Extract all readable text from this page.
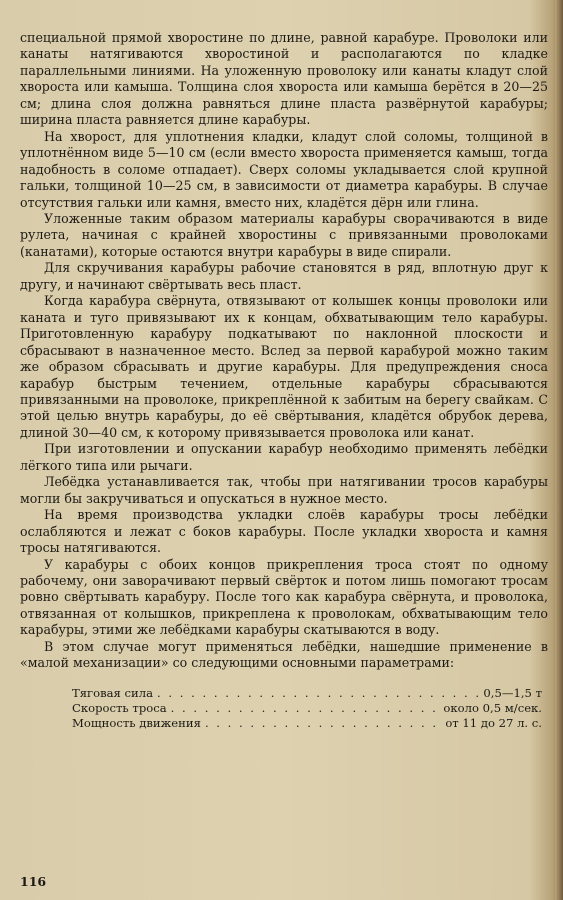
специальной прямой хворостине по длине, равной карабуре. Проволоки или канаты натягиваются хворостиной и располагаются по кладке параллельными линиями. На уложенную проволоку или канаты кладут слой хвороста или камыша. Толщина слоя хвороста или камыша берётся в 20—25 см; длина слоя должна равняться длине пласта развёрнутой карабуры; ширина пласта равняется длине карабуры.

На хворост, для уплотнения кладки, кладут слой соломы, толщиной в уплотнённом виде 5—10 см (если вместо хвороста применяется камыш, тогда надобность в соломе отпадает). Сверх соломы укладывается слой крупной гальки, толщиной 10—25 см, в зависимости от диаметра карабуры. В случае отсутствия гальки или камня, вместо них, кладётся дёрн или глина.

Уложенные таким образом материалы карабуры сворачиваются в виде рулета, начиная с крайней хворостины с привязанными проволоками (канатами), которые остаются внутри карабуры в виде спирали.

Для скручивания карабуры рабочие становятся в ряд, вплотную друг к другу, и начинают свёртывать весь пласт.

Когда карабура свёрнута, отвязывают от колышек концы проволоки или каната и туго привязывают их к концам, обхватывающим тело карабуры. Приготовленную карабуру подкатывают по наклонной плоскости и сбрасывают в назначенное место. Вслед за первой карабурой можно таким же образом сбрасывать и другие карабуры. Для предупреждения сноса карабур быстрым течением, отдельные карабуры сбрасываются привязанными на проволоке, прикреплённой к забитым на берегу свайкам. С этой целью внутрь карабуры, до её свёртывания, кладётся обрубок дерева, длиной 30—40 см, к которому привязывается проволока или канат.

При изготовлении и опускании карабур необходимо применять лебёдки лёгкого типа или рычаги.

Лебёдка устанавливается так, чтобы при натягивании тросов карабуры могли бы закручиваться и опускаться в нужное место.

На время производства укладки слоёв карабуры тросы лебёдки ослабляются и лежат с боков карабуры. После укладки хвороста и камня тросы натягиваются.

У карабуры с обоих концов прикрепления троса стоят по одному рабочему, они заворачивают первый свёрток и потом лишь помогают тросам ровно свёртывать карабуру. После того как карабура свёрнута, и проволока, отвязанная от колышков, прикреплена к проволокам, обхватывающим тело карабуры, этими же лебёдками карабуры скатываются в воду.

В этом случае могут применяться лебёдки, нашедшие применение в «малой механизации» со следующими основными параметрами:

Тяговая сила . . .	0,5—1,5 т
Скорость троса . . .	около 0,5 м/сек.
Мощность движения . . .	от 11 до 27 л. с.
116
